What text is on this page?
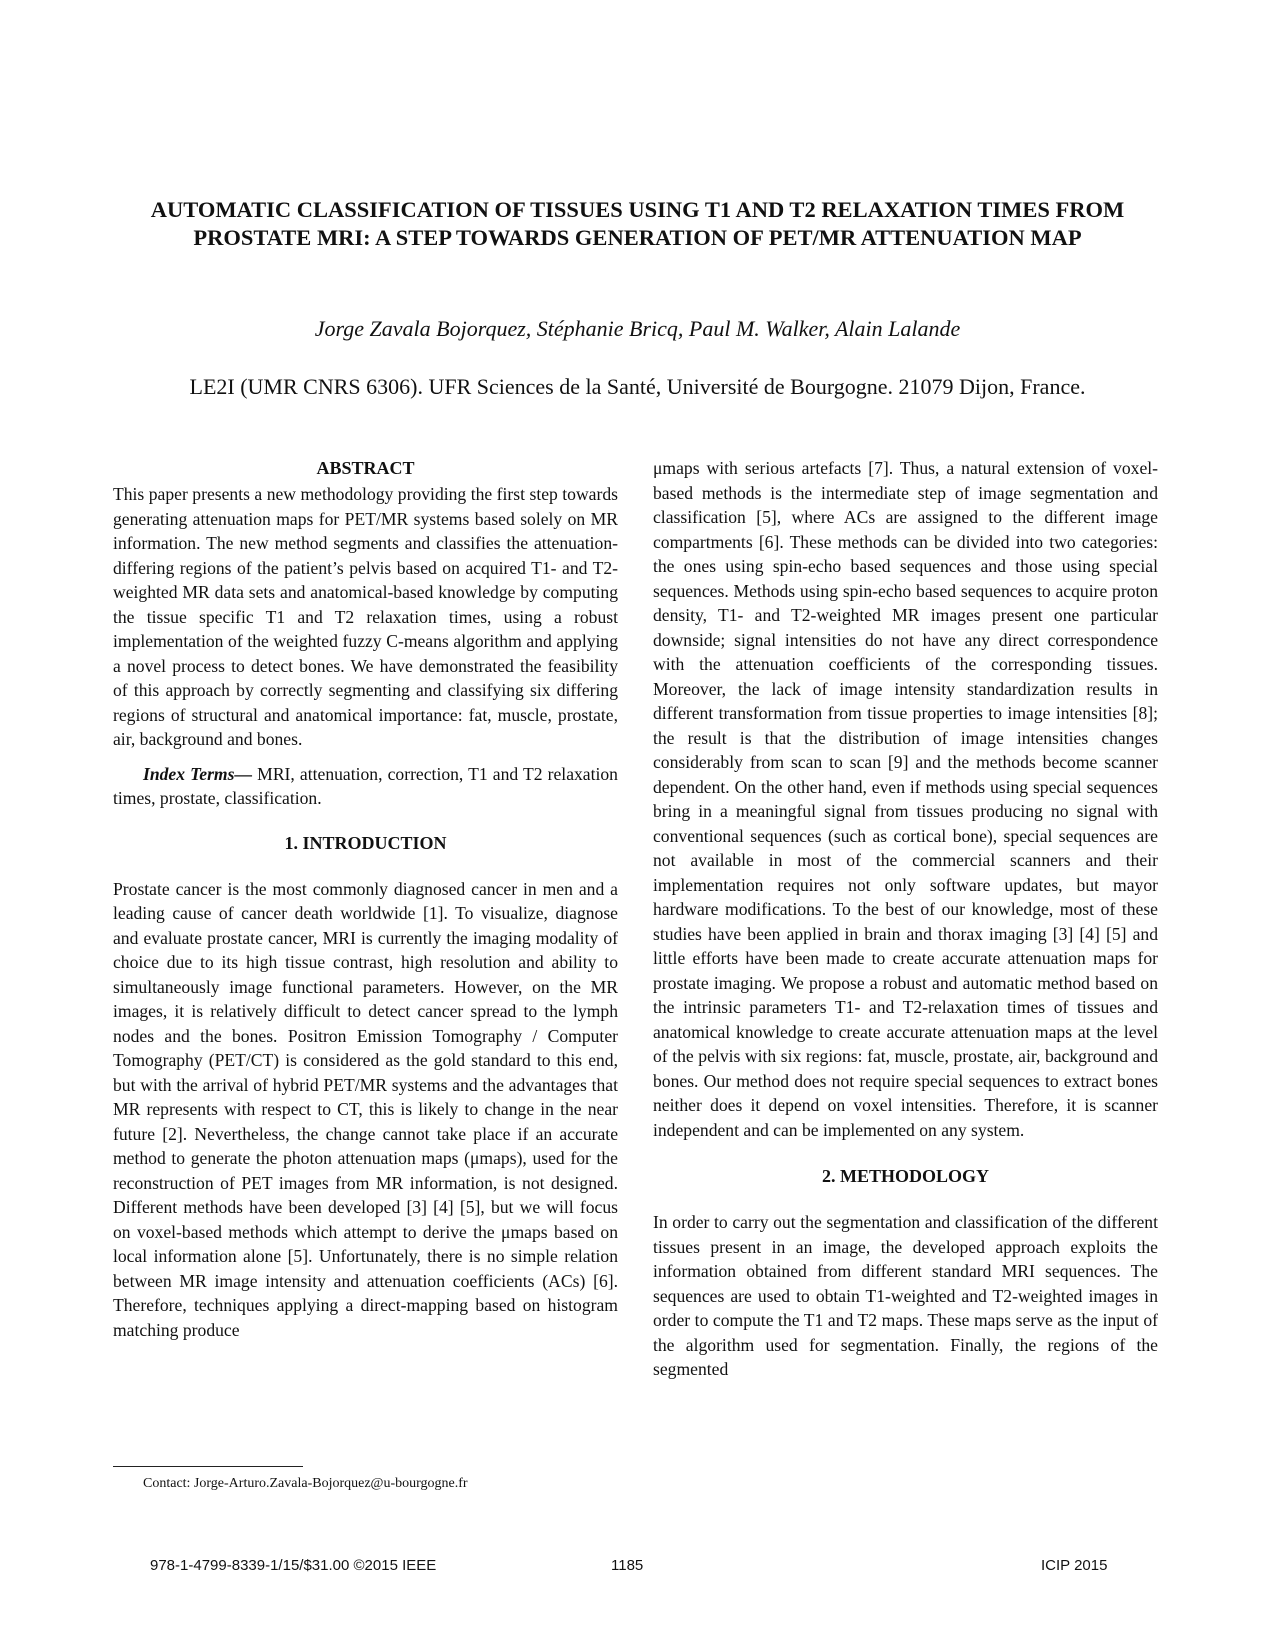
AUTOMATIC CLASSIFICATION OF TISSUES USING T1 AND T2 RELAXATION TIMES FROM PROSTATE MRI: A STEP TOWARDS GENERATION OF PET/MR ATTENUATION MAP

Jorge Zavala Bojorquez, Stéphanie Bricq, Paul M. Walker, Alain Lalande

LE2I (UMR CNRS 6306). UFR Sciences de la Santé, Université de Bourgogne. 21079 Dijon, France.

ABSTRACT

This paper presents a new methodology providing the first step towards generating attenuation maps for PET/MR systems based solely on MR information. The new method segments and classifies the attenuation-differing regions of the patient’s pelvis based on acquired T1- and T2-weighted MR data sets and anatomical-based knowledge by computing the tissue specific T1 and T2 relaxation times, using a robust implementation of the weighted fuzzy C-means algorithm and applying a novel process to detect bones. We have demonstrated the feasibility of this approach by correctly segmenting and classifying six differing regions of structural and anatomical importance: fat, muscle, prostate, air, background and bones.

Index Terms— MRI, attenuation, correction, T1 and T2 relaxation times, prostate, classification.

1. INTRODUCTION

Prostate cancer is the most commonly diagnosed cancer in men and a leading cause of cancer death worldwide [1]. To visualize, diagnose and evaluate prostate cancer, MRI is currently the imaging modality of choice due to its high tissue contrast, high resolution and ability to simultaneously image functional parameters. However, on the MR images, it is relatively difficult to detect cancer spread to the lymph nodes and the bones. Positron Emission Tomography / Computer Tomography (PET/CT) is considered as the gold standard to this end, but with the arrival of hybrid PET/MR systems and the advantages that MR represents with respect to CT, this is likely to change in the near future [2]. Nevertheless, the change cannot take place if an accurate method to generate the photon attenuation maps (μmaps), used for the reconstruction of PET images from MR information, is not designed. Different methods have been developed [3] [4] [5], but we will focus on voxel-based methods which attempt to derive the μmaps based on local information alone [5]. Unfortunately, there is no simple relation between MR image intensity and attenuation coefficients (ACs) [6]. Therefore, techniques applying a direct-mapping based on histogram matching produce

μmaps with serious artefacts [7]. Thus, a natural extension of voxel-based methods is the intermediate step of image segmentation and classification [5], where ACs are assigned to the different image compartments [6]. These methods can be divided into two categories: the ones using spin-echo based sequences and those using special sequences. Methods using spin-echo based sequences to acquire proton density, T1- and T2-weighted MR images present one particular downside; signal intensities do not have any direct correspondence with the attenuation coefficients of the corresponding tissues. Moreover, the lack of image intensity standardization results in different transformation from tissue properties to image intensities [8]; the result is that the distribution of image intensities changes considerably from scan to scan [9] and the methods become scanner dependent. On the other hand, even if methods using special sequences bring in a meaningful signal from tissues producing no signal with conventional sequences (such as cortical bone), special sequences are not available in most of the commercial scanners and their implementation requires not only software updates, but mayor hardware modifications. To the best of our knowledge, most of these studies have been applied in brain and thorax imaging [3] [4] [5] and little efforts have been made to create accurate attenuation maps for prostate imaging. We propose a robust and automatic method based on the intrinsic parameters T1- and T2-relaxation times of tissues and anatomical knowledge to create accurate attenuation maps at the level of the pelvis with six regions: fat, muscle, prostate, air, background and bones. Our method does not require special sequences to extract bones neither does it depend on voxel intensities. Therefore, it is scanner independent and can be implemented on any system.

2. METHODOLOGY

In order to carry out the segmentation and classification of the different tissues present in an image, the developed approach exploits the information obtained from different standard MRI sequences. The sequences are used to obtain T1-weighted and T2-weighted images in order to compute the T1 and T2 maps. These maps serve as the input of the algorithm used for segmentation. Finally, the regions of the segmented

Contact: Jorge-Arturo.Zavala-Bojorquez@u-bourgogne.fr

978-1-4799-8339-1/15/$31.00 ©2015 IEEE	1185	ICIP 2015
